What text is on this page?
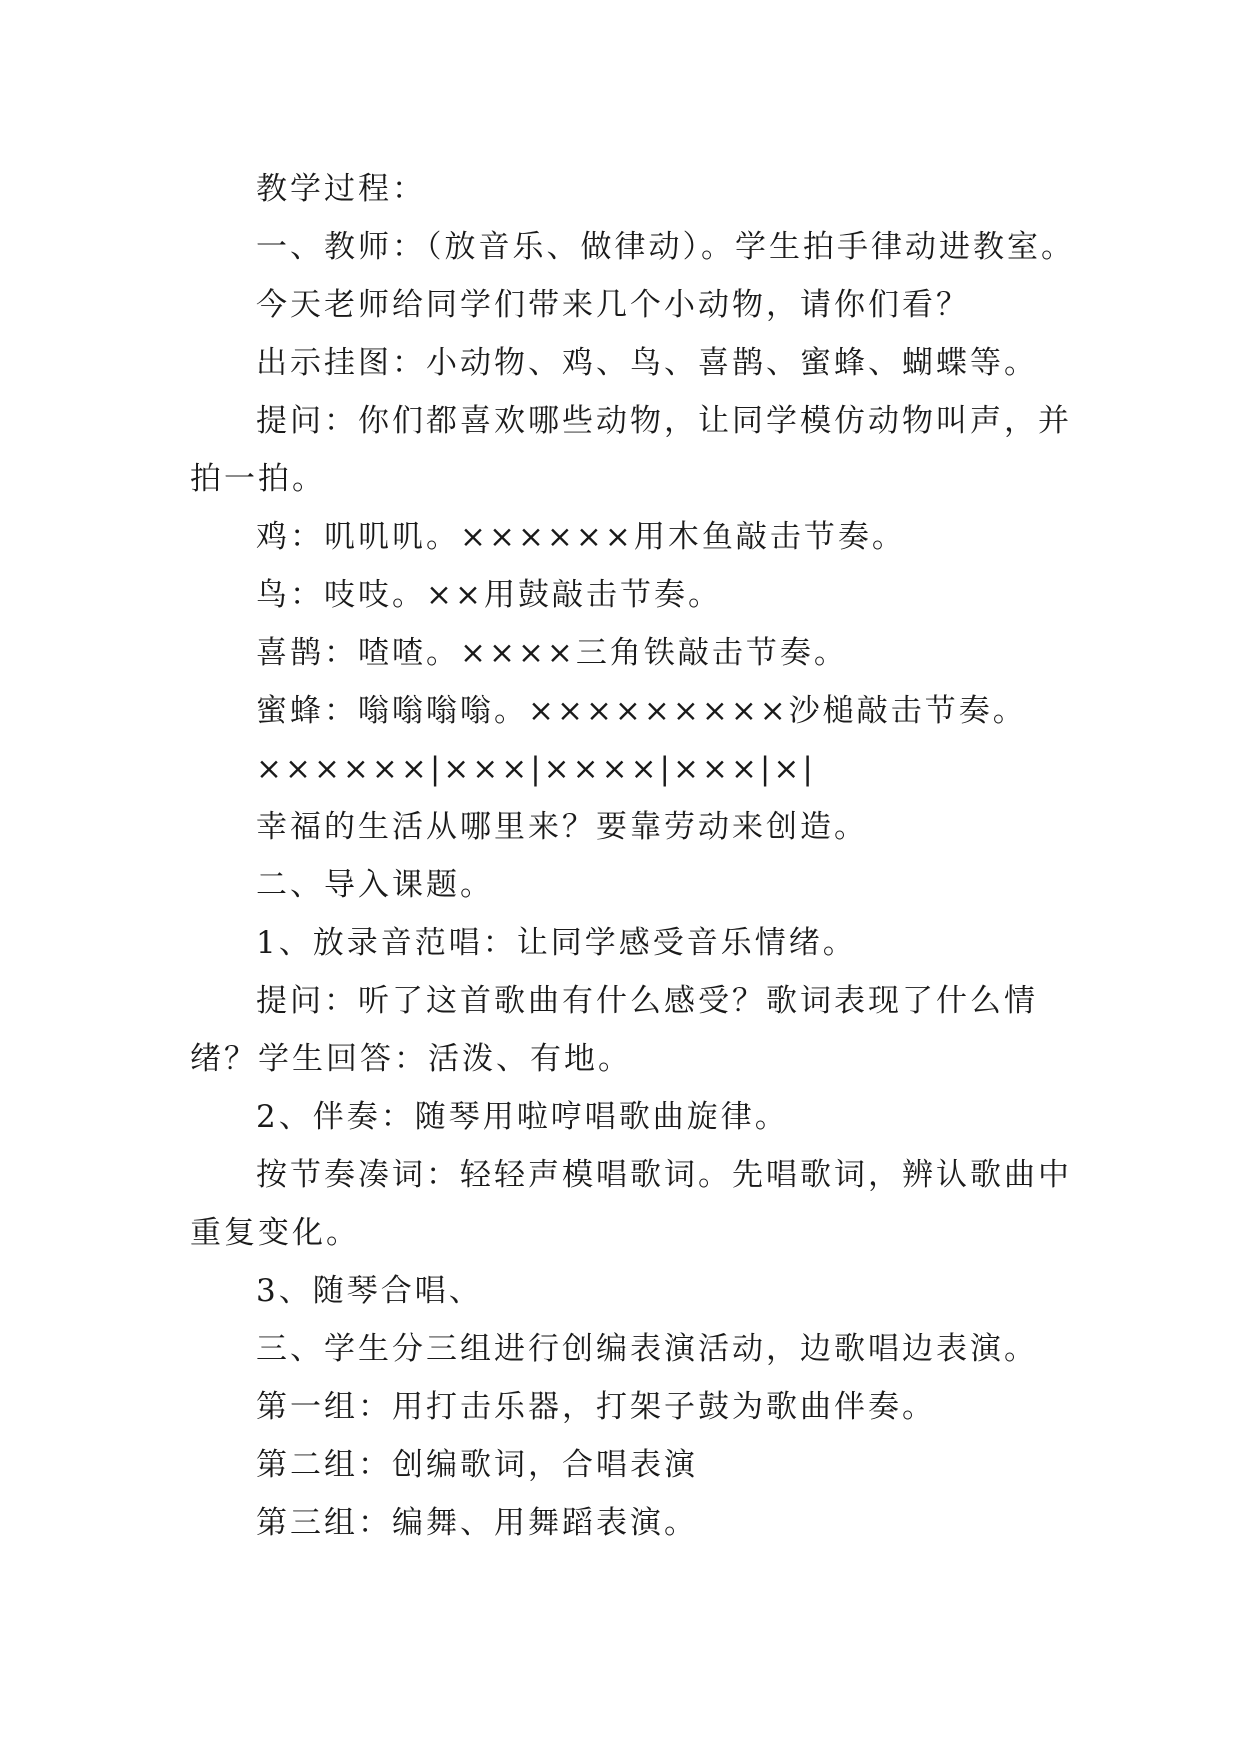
教学过程：
一、教师：（放音乐、做律动）。学生拍手律动进教室。
今天老师给同学们带来几个小动物，请你们看？
出示挂图：小动物、鸡、鸟、喜鹊、蜜蜂、蝴蝶等。
提问：你们都喜欢哪些动物，让同学模仿动物叫声，并
拍一拍。
鸡：叽叽叽。××××××用木鱼敲击节奏。
鸟：吱吱。××用鼓敲击节奏。
喜鹊：喳喳。××××三角铁敲击节奏。
蜜蜂：嗡嗡嗡嗡。×××××××××沙槌敲击节奏。
××××××|×××|××××|×××|×|
幸福的生活从哪里来？要靠劳动来创造。
二、导入课题。
1、放录音范唱：让同学感受音乐情绪。
提问：听了这首歌曲有什么感受？歌词表现了什么情
绪？学生回答：活泼、有地。
2、伴奏：随琴用啦哼唱歌曲旋律。
按节奏凑词：轻轻声模唱歌词。先唱歌词，辨认歌曲中
重复变化。
3、随琴合唱、
三、学生分三组进行创编表演活动，边歌唱边表演。
第一组：用打击乐器，打架子鼓为歌曲伴奏。
第二组：创编歌词，合唱表演
第三组：编舞、用舞蹈表演。
